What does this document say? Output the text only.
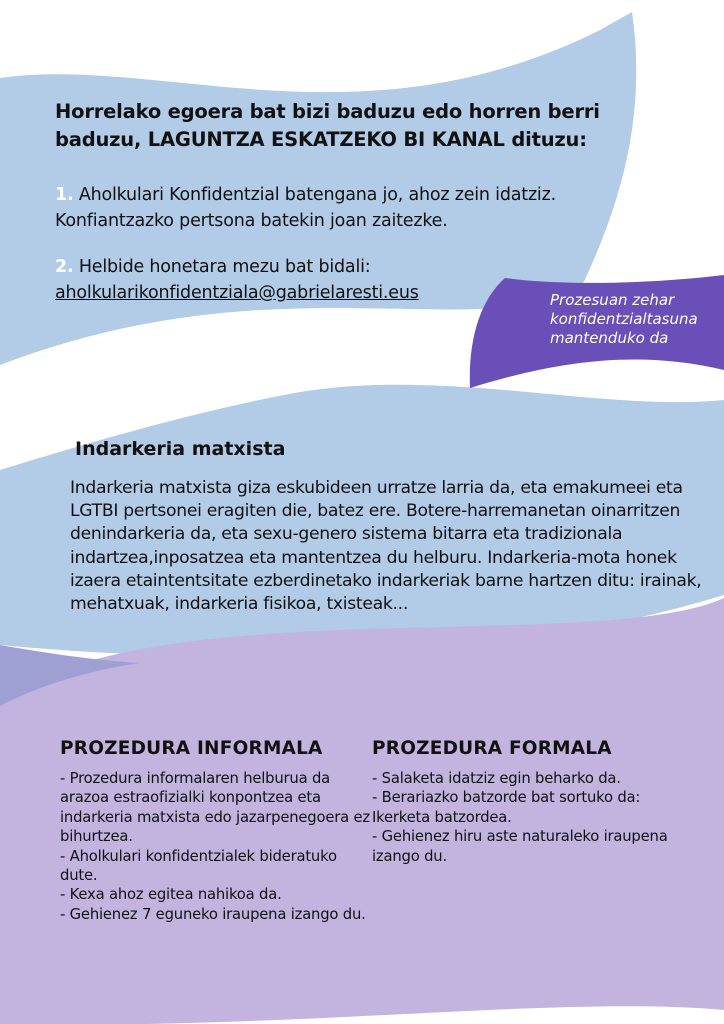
Horrelako egoera bat bizi baduzu edo horren berri baduzu, LAGUNTZA ESKATZEKO BI KANAL dituzu:

1. Aholkulari Konfidentzial batengana jo, ahoz zein idatziz. Konfiantzazko pertsona batekin joan zaitezke.

2. Helbide honetara mezu bat bidali:
aholkularikonfidentziala@gabrielaresti.eus	Prozesuan zehar konfidentzialtasuna mantenduko da

Indarkeria matxista

Indarkeria matxista giza eskubideen urratze larria da, eta emakumeei eta LGTBI pertsonei eragiten die, batez ere. Botere-harremanetan oinarritzen denindarkeria da, eta sexu-genero sistema bitarra eta tradizionala indartzea,inposatzea eta mantentzea du helburu. Indarkeria-mota honek izaera etaintentsitate ezberdinetako indarkeriak barne hartzen ditu: irainak, mehatxuak, indarkeria fisikoa, txisteak...

PROZEDURA INFORMALA

- Prozedura informalaren helburua da arazoa estraofizialki konpontzea eta indarkeria matxista edo jazarpenegoera ez bihurtzea.
- Aholkulari konfidentzialek bideratuko dute.
- Kexa ahoz egitea nahikoa da.
- Gehienez 7 eguneko iraupena izango du.

PROZEDURA FORMALA

- Salaketa idatziz egin beharko da.
- Berariazko batzorde bat sortuko da: Ikerketa batzordea.
- Gehienez hiru aste naturaleko iraupena izango du.
